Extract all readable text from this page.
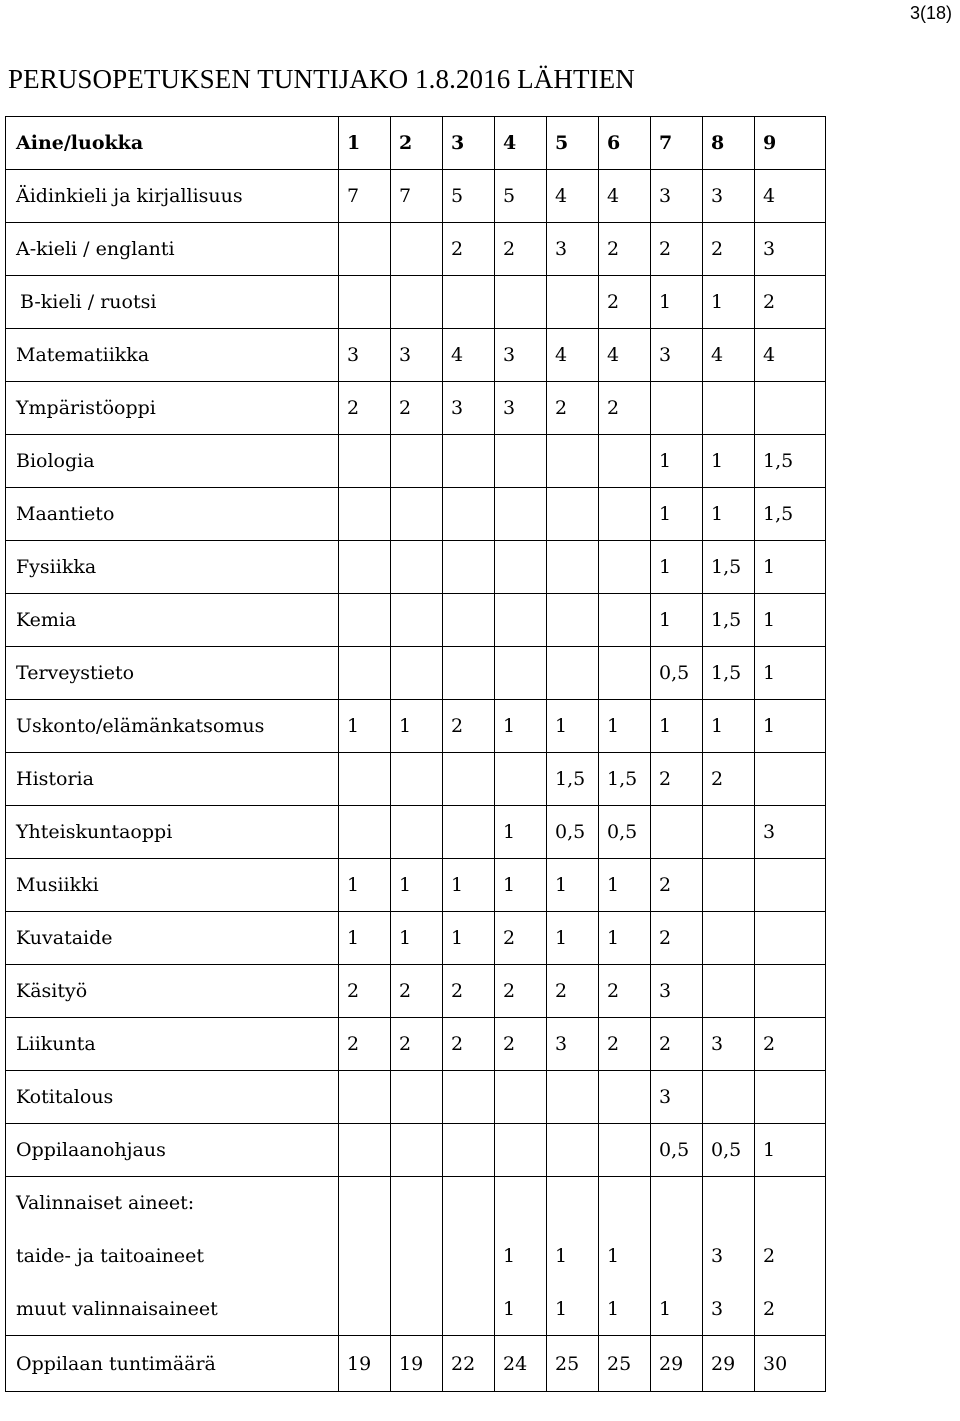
3(18)
PERUSOPETUKSEN TUNTIJAKO 1.8.2016 LÄHTIEN
Aine/luokka	1	2	3	4	5	6	7	8	9
Äidinkieli ja kirjallisuus	7	7	5	5	4	4	3	3	4
A-kieli / englanti			2	2	3	2	2	2	3
B-kieli / ruotsi						2	1	1	2
Matematiikka	3	3	4	3	4	4	3	4	4
Ympäristöoppi	2	2	3	3	2	2			
Biologia							1	1	1,5
Maantieto							1	1	1,5
Fysiikka							1	1,5	1
Kemia							1	1,5	1
Terveystieto							0,5	1,5	1
Uskonto/elämänkatsomus	1	1	2	1	1	1	1	1	1
Historia					1,5	1,5	2	2	
Yhteiskuntaoppi				1	0,5	0,5			3
Musiikki	1	1	1	1	1	1	2		
Kuvataide	1	1	1	2	1	1	2		
Käsityö	2	2	2	2	2	2	3		
Liikunta	2	2	2	2	3	2	2	3	2
Kotitalous							3		
Oppilaanohjaus							0,5	0,5	1
Valinnaiset aineet:									
taide- ja taitoaineet				1	1	1		3	2
muut valinnaisaineet				1	1	1	1	3	2
Oppilaan tuntimäärä	19	19	22	24	25	25	29	29	30
